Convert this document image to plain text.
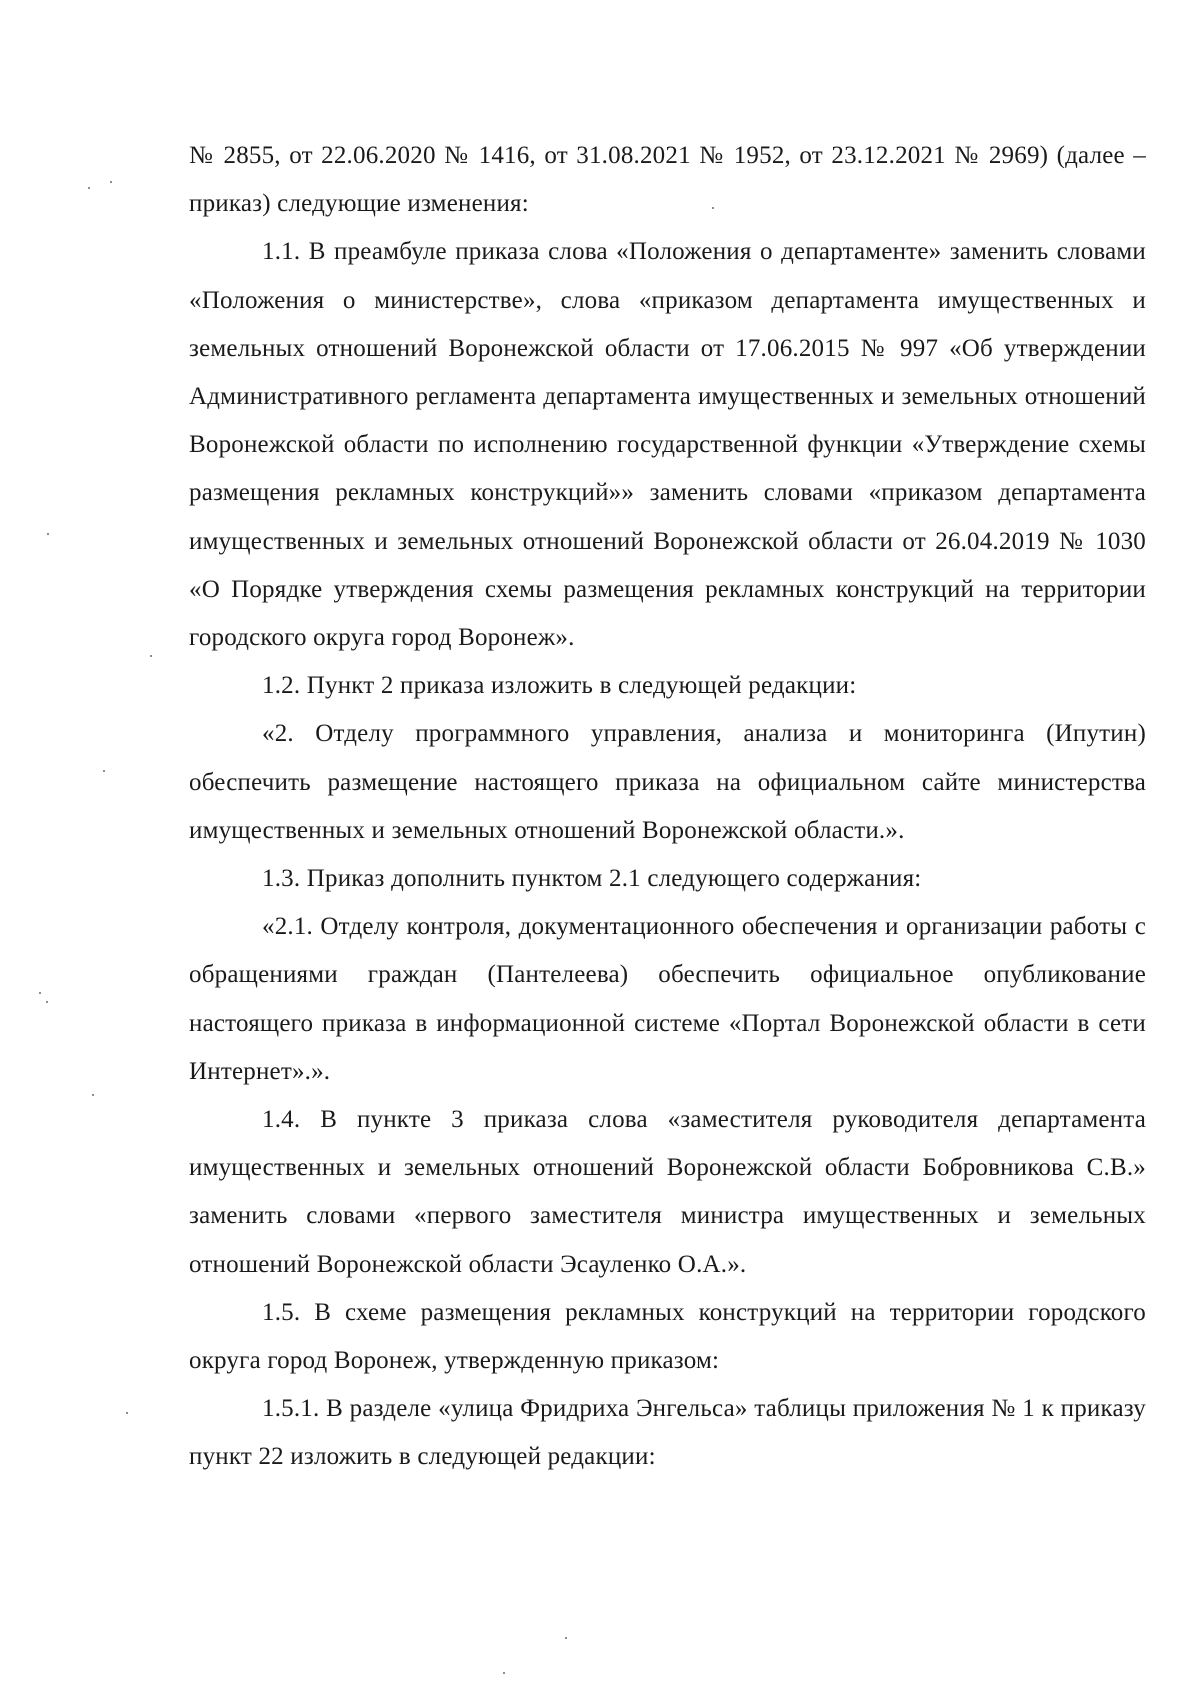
№ 2855, от 22.06.2020 № 1416, от 31.08.2021 № 1952, от 23.12.2021 № 2969) (далее – приказ) следующие изменения:

1.1. В преамбуле приказа слова «Положения о департаменте» заменить словами «Положения о министерстве», слова «приказом департамента имущественных и земельных отношений Воронежской области от 17.06.2015 № 997 «Об утверждении Административного регламента департамента имущественных и земельных отношений Воронежской области по исполнению государственной функции «Утверждение схемы размещения рекламных конструкций»» заменить словами «приказом департамента имущественных и земельных отношений Воронежской области от 26.04.2019 № 1030 «О Порядке утверждения схемы размещения рекламных конструкций на территории городского округа город Воронеж».

1.2. Пункт 2 приказа изложить в следующей редакции:

«2. Отделу программного управления, анализа и мониторинга (Ипутин) обеспечить размещение настоящего приказа на официальном сайте министерства имущественных и земельных отношений Воронежской области.».

1.3. Приказ дополнить пунктом 2.1 следующего содержания:

«2.1. Отделу контроля, документационного обеспечения и организации работы с обращениями граждан (Пантелеева) обеспечить официальное опубликование настоящего приказа в информационной системе «Портал Воронежской области в сети Интернет».».

1.4. В пункте 3 приказа слова «заместителя руководителя департамента имущественных и земельных отношений Воронежской области Бобровникова С.В.» заменить словами «первого заместителя министра имущественных и земельных отношений Воронежской области Эсауленко О.А.».

1.5. В схеме размещения рекламных конструкций на территории городского округа город Воронеж, утвержденную приказом:

1.5.1. В разделе «улица Фридриха Энгельса» таблицы приложения № 1 к приказу пункт 22 изложить в следующей редакции:
